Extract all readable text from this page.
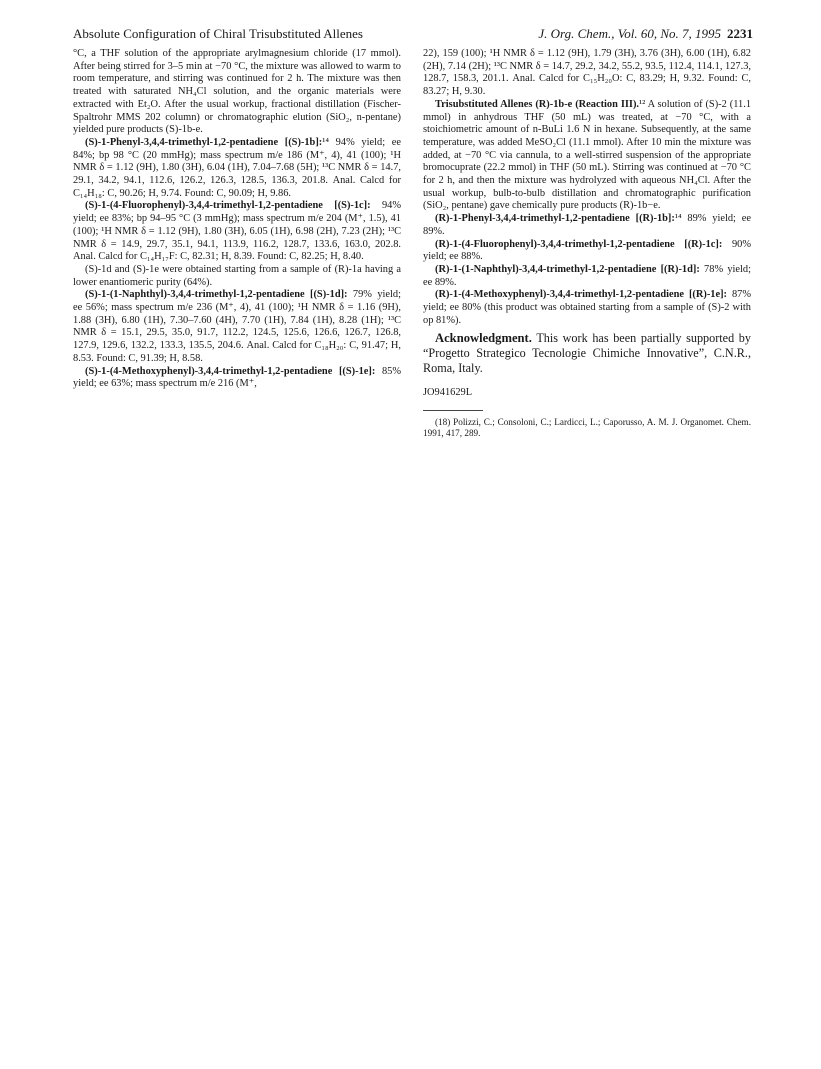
Absolute Configuration of Chiral Trisubstituted Allenes	J. Org. Chem., Vol. 60, No. 7, 1995 2231

°C, a THF solution of the appropriate arylmagnesium chloride (17 mmol). After being stirred for 3–5 min at −70 °C, the mixture was allowed to warm to room temperature, and stirring was continued for 2 h. The mixture was then treated with saturated NH₄Cl solution, and the organic materials were extracted with Et₂O. After the usual workup, fractional distillation (Fischer-Spaltrohr MMS 202 column) or chromatographic elution (SiO₂, n-pentane) yielded pure products (S)-1b-e.

(S)-1-Phenyl-3,4,4-trimethyl-1,2-pentadiene [(S)-1b]:¹⁴ 94% yield; ee 84%; bp 98 °C (20 mmHg); mass spectrum m/e 186 (M⁺, 4), 41 (100); ¹H NMR δ = 1.12 (9H), 1.80 (3H), 6.04 (1H), 7.04–7.68 (5H); ¹³C NMR δ = 14.7, 29.1, 34.2, 94.1, 112.6, 126.2, 126.3, 128.5, 136.3, 201.8. Anal. Calcd for C₁₄H₁₈: C, 90.26; H, 9.74. Found: C, 90.09; H, 9.86.

(S)-1-(4-Fluorophenyl)-3,4,4-trimethyl-1,2-pentadiene [(S)-1c]: 94% yield; ee 83%; bp 94–95 °C (3 mmHg); mass spectrum m/e 204 (M⁺, 1.5), 41 (100); ¹H NMR δ = 1.12 (9H), 1.80 (3H), 6.05 (1H), 6.98 (2H), 7.23 (2H); ¹³C NMR δ = 14.9, 29.7, 35.1, 94.1, 113.9, 116.2, 128.7, 133.6, 163.0, 202.8. Anal. Calcd for C₁₄H₁₇F: C, 82.31; H, 8.39. Found: C, 82.25; H, 8.40.

(S)-1d and (S)-1e were obtained starting from a sample of (R)-1a having a lower enantiomeric purity (64%).

(S)-1-(1-Naphthyl)-3,4,4-trimethyl-1,2-pentadiene [(S)-1d]: 79% yield; ee 56%; mass spectrum m/e 236 (M⁺, 4), 41 (100); ¹H NMR δ = 1.16 (9H), 1.88 (3H), 6.80 (1H), 7.30–7.60 (4H), 7.70 (1H), 7.84 (1H), 8.28 (1H); ¹³C NMR δ = 15.1, 29.5, 35.0, 91.7, 112.2, 124.5, 125.6, 126.6, 126.7, 126.8, 127.9, 129.6, 132.2, 133.3, 135.5, 204.6. Anal. Calcd for C₁₈H₂₀: C, 91.47; H, 8.53. Found: C, 91.39; H, 8.58.

(S)-1-(4-Methoxyphenyl)-3,4,4-trimethyl-1,2-pentadiene [(S)-1e]: 85% yield; ee 63%; mass spectrum m/e 216 (M⁺,

22), 159 (100); ¹H NMR δ = 1.12 (9H), 1.79 (3H), 3.76 (3H), 6.00 (1H), 6.82 (2H), 7.14 (2H); ¹³C NMR δ = 14.7, 29.2, 34.2, 55.2, 93.5, 112.4, 114.1, 127.3, 128.7, 158.3, 201.1. Anal. Calcd for C₁₅H₂₀O: C, 83.29; H, 9.32. Found: C, 83.27; H, 9.30.

Trisubstituted Allenes (R)-1b-e (Reaction III).¹² A solution of (S)-2 (11.1 mmol) in anhydrous THF (50 mL) was treated, at −70 °C, with a stoichiometric amount of n-BuLi 1.6 N in hexane. Subsequently, at the same temperature, was added MeSO₂Cl (11.1 mmol). After 10 min the mixture was added, at −70 °C via cannula, to a well-stirred suspension of the appropriate bromocuprate (22.2 mmol) in THF (50 mL). Stirring was continued at −70 °C for 2 h, and then the mixture was hydrolyzed with aqueous NH₄Cl. After the usual workup, bulb-to-bulb distillation and chromatographic purification (SiO₂, pentane) gave chemically pure products (R)-1b−e.

(R)-1-Phenyl-3,4,4-trimethyl-1,2-pentadiene [(R)-1b]:¹⁴ 89% yield; ee 89%.

(R)-1-(4-Fluorophenyl)-3,4,4-trimethyl-1,2-pentadiene [(R)-1c]: 90% yield; ee 88%.

(R)-1-(1-Naphthyl)-3,4,4-trimethyl-1,2-pentadiene [(R)-1d]: 78% yield; ee 89%.

(R)-1-(4-Methoxyphenyl)-3,4,4-trimethyl-1,2-pentadiene [(R)-1e]: 87% yield; ee 80% (this product was obtained starting from a sample of (S)-2 with op 81%).

Acknowledgment. This work has been partially supported by “Progetto Strategico Tecnologie Chimiche Innovative”, C.N.R., Roma, Italy.

JO941629L

(18) Polizzi, C.; Consoloni, C.; Lardicci, L.; Caporusso, A. M. J. Organomet. Chem. 1991, 417, 289.
